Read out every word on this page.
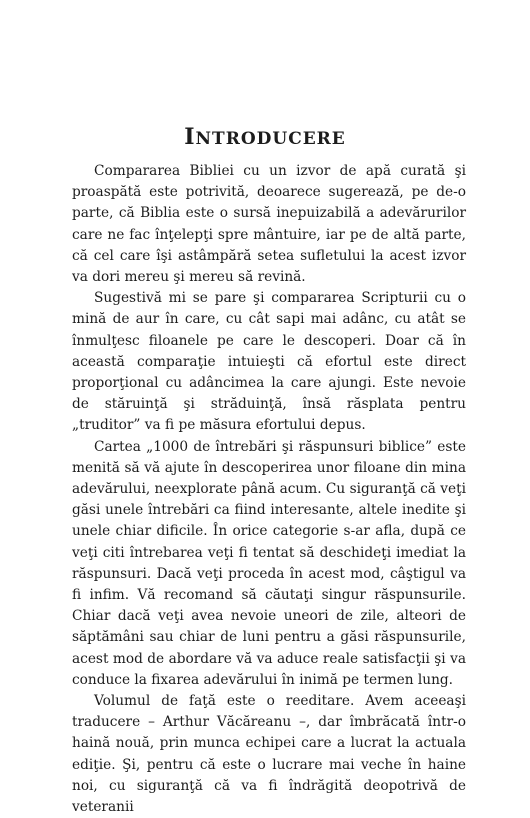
INTRODUCERE

Compararea Bibliei cu un izvor de apă curată şi proaspătă este potrivită, deoarece sugerează, pe de-o parte, că Biblia este o sursă inepuizabilă a adevărurilor care ne fac înţelepţi spre mântuire, iar pe de altă parte, că cel care îşi astâmpără setea sufletului la acest izvor va dori mereu şi mereu să revină.

Sugestivă mi se pare şi compararea Scripturii cu o mină de aur în care, cu cât sapi mai adânc, cu atât se înmulţesc filoanele pe care le descoperi. Doar că în această comparaţie intuieşti că efortul este direct proporţional cu adâncimea la care ajungi. Este nevoie de stăruinţă şi străduinţă, însă răsplata pentru „truditor” va fi pe măsura efortului depus.

Cartea „1000 de întrebări şi răspunsuri biblice” este menită să vă ajute în descoperirea unor filoane din mina adevărului, neexplorate până acum. Cu siguranţă că veţi găsi unele întrebări ca fiind interesante, altele inedite şi unele chiar dificile. În orice categorie s-ar afla, după ce veţi citi întrebarea veţi fi tentat să deschideţi imediat la răspunsuri. Dacă veţi proceda în acest mod, câştigul va fi infim. Vă recomand să căutaţi singur răspunsurile. Chiar dacă veţi avea nevoie uneori de zile, alteori de săptămâni sau chiar de luni pentru a găsi răspunsurile, acest mod de abordare vă va aduce reale satisfacţii şi va conduce la fixarea adevărului în inimă pe termen lung.

Volumul de faţă este o reeditare. Avem aceeaşi traducere – Arthur Văcăreanu –, dar îmbrăcată într-o haină nouă, prin munca echipei care a lucrat la actuala ediţie. Şi, pentru că este o lucrare mai veche în haine noi, cu siguranţă că va fi îndrăgită deopotrivă de veteranii
